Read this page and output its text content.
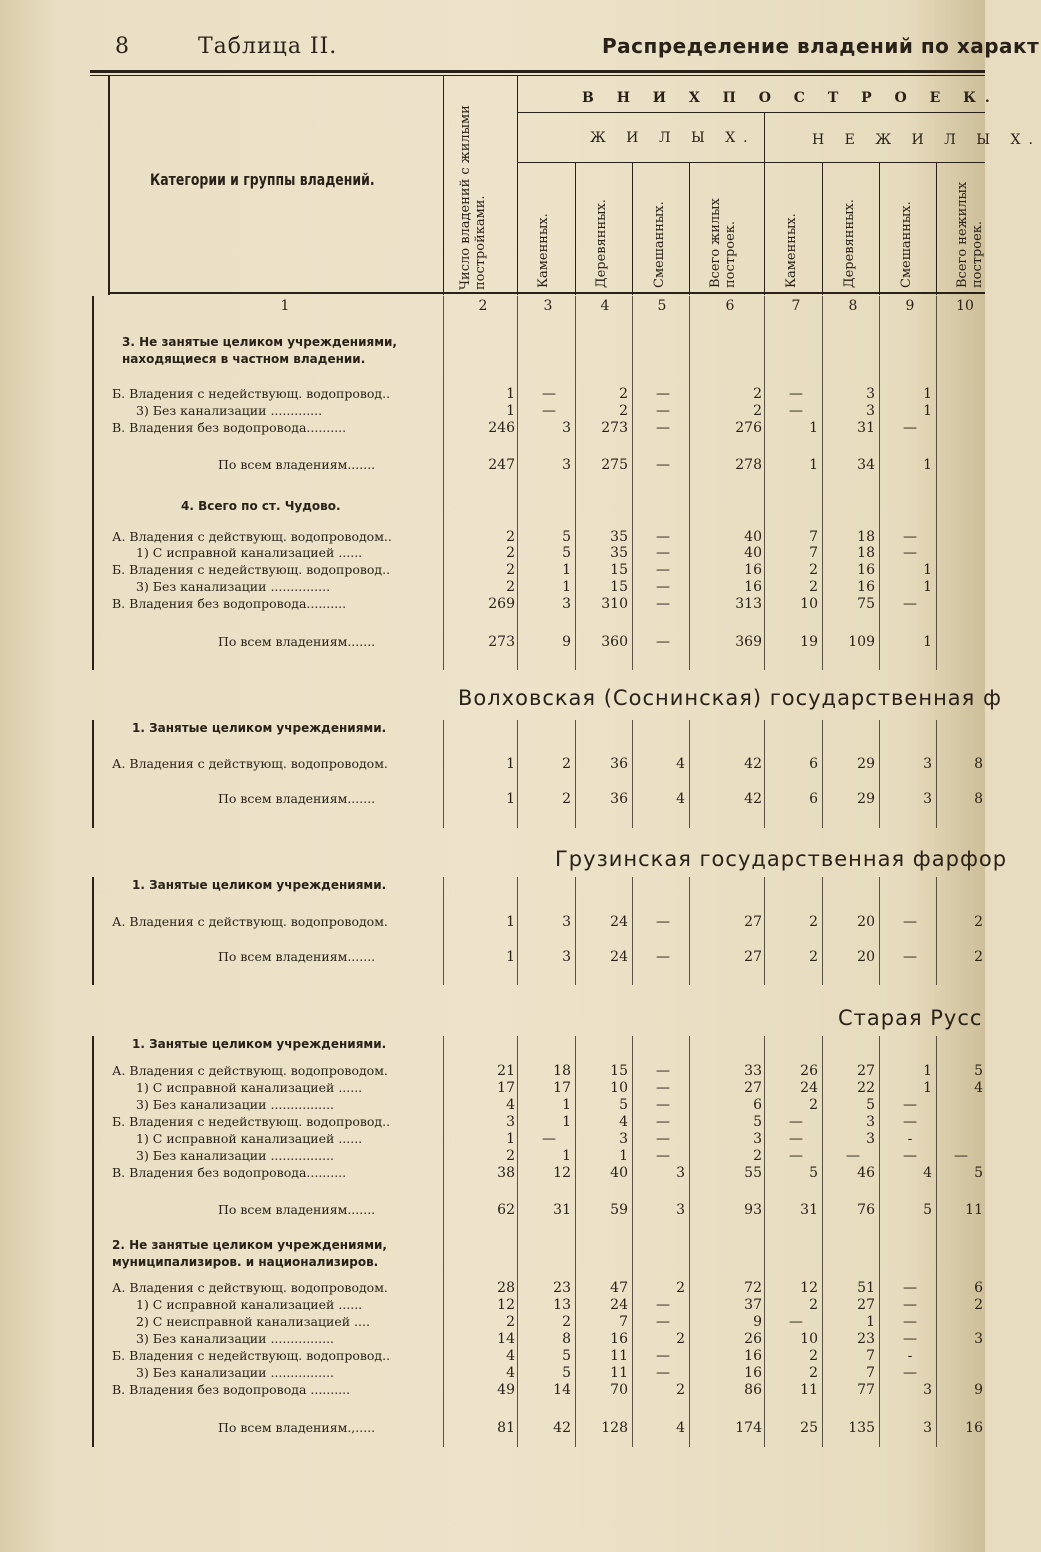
8	Таблица II.	Распределение владений по характ
Категории и группы владений.	Число владений с жилыми постройками.
В Н И Х П О С Т Р О Е К.
Ж И Л Ы Х.	Н Е Ж И Л Ы Х.
Каменных.	Деревянных.	Смешанных.	Всего жилых построек.	Каменных.	Деревянных.	Смешанных.	Всего нежилых построек.
1	2	3	4	5	6	7	8	9	10
Волховская (Соснинская) государственная ф
Грузинская государственная фарфор
Старая Русс
3. Не занятые целиком учреждениями,
находящиеся в частном владении.
4. Всего по ст. Чудово.
1. Занятые целиком учреждениями.
1. Занятые целиком учреждениями.
1. Занятые целиком учреждениями.
2. Не занятые целиком учреждениями,
муниципализиров. и национализиров.
Б. Владения с недействующ. водопровод..	1	—	2	—	2	—	3	1
3) Без канализации .............	1	—	2	—	2	—	3	1
В. Владения без водопровода..........	246	3	273	—	276	1	31	—
По всем владениям.......	247	3	275	—	278	1	34	1
А. Владения с действующ. водопроводом..	2	5	35	—	40	7	18	—
1) С исправной канализацией ......	2	5	35	—	40	7	18	—
Б. Владения с недействующ. водопровод..	2	1	15	—	16	2	16	1
3) Без канализации ...............	2	1	15	—	16	2	16	1
В. Владения без водопровода..........	269	3	310	—	313	10	75	—
По всем владениям.......	273	9	360	—	369	19	109	1
А. Владения с действующ. водопроводом.	1	2	36	4	42	6	29	3	8
По всем владениям.......	1	2	36	4	42	6	29	3	8
А. Владения с действующ. водопроводом.	1	3	24	—	27	2	20	—	2
По всем владениям.......	1	3	24	—	27	2	20	—	2
А. Владения с действующ. водопроводом.	21	18	15	—	33	26	27	1	5
1) С исправной канализацией ......	17	17	10	—	27	24	22	1	4
3) Без канализации ................	4	1	5	—	6	2	5	—
Б. Владения с недействующ. водопровод..	3	1	4	—	5	—	3	—
1) С исправной канализацией ......	1	—	3	—	3	—	3	-
3) Без канализации ................	2	1	1	—	2	—	—	—	—
В. Владения без водопровода..........	38	12	40	3	55	5	46	4	5
По всем владениям.......	62	31	59	3	93	31	76	5	11
А. Владения с действующ. водопроводом.	28	23	47	2	72	12	51	—	6
1) С исправной канализацией ......	12	13	24	—	37	2	27	—	2
2) С неисправной канализацией ....	2	2	7	—	9	—	1	—
3) Без канализации ................	14	8	16	2	26	10	23	—	3
Б. Владения с недействующ. водопровод..	4	5	11	—	16	2	7	-
3) Без канализации ................	4	5	11	—	16	2	7	—
В. Владения без водопровода ..........	49	14	70	2	86	11	77	3	9
По всем владениям.,.....	81	42	128	4	174	25	135	3	16
